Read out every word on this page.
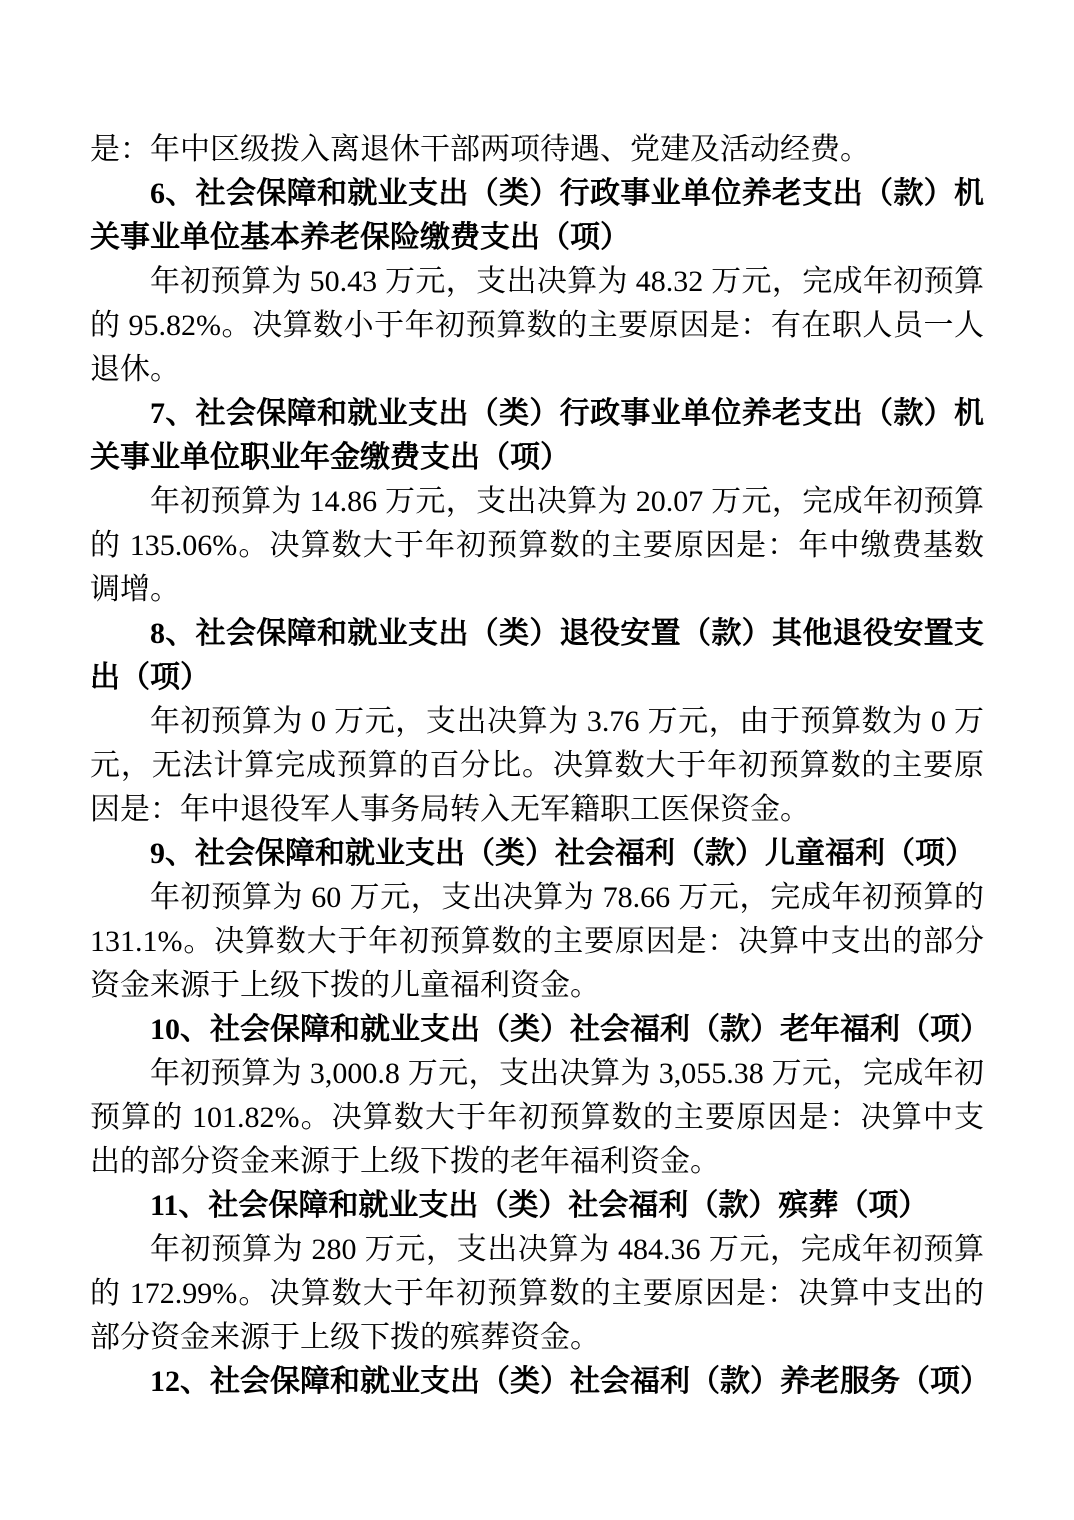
是：年中区级拨入离退休干部两项待遇、党建及活动经费。

6、社会保障和就业支出（类）行政事业单位养老支出（款）机关事业单位基本养老保险缴费支出（项）

年初预算为 50.43 万元，支出决算为 48.32 万元，完成年初预算的 95.82%。决算数小于年初预算数的主要原因是：有在职人员一人退休。

7、社会保障和就业支出（类）行政事业单位养老支出（款）机关事业单位职业年金缴费支出（项）

年初预算为 14.86 万元，支出决算为 20.07 万元，完成年初预算的 135.06%。决算数大于年初预算数的主要原因是：年中缴费基数调增。

8、社会保障和就业支出（类）退役安置（款）其他退役安置支出（项）

年初预算为 0 万元，支出决算为 3.76 万元，由于预算数为 0 万元，无法计算完成预算的百分比。决算数大于年初预算数的主要原因是：年中退役军人事务局转入无军籍职工医保资金。

9、社会保障和就业支出（类）社会福利（款）儿童福利（项）

年初预算为 60 万元，支出决算为 78.66 万元，完成年初预算的 131.1%。决算数大于年初预算数的主要原因是：决算中支出的部分资金来源于上级下拨的儿童福利资金。

10、社会保障和就业支出（类）社会福利（款）老年福利（项）

年初预算为 3,000.8 万元，支出决算为 3,055.38 万元，完成年初预算的 101.82%。决算数大于年初预算数的主要原因是：决算中支出的部分资金来源于上级下拨的老年福利资金。

11、社会保障和就业支出（类）社会福利（款）殡葬（项）

年初预算为 280 万元，支出决算为 484.36 万元，完成年初预算的 172.99%。决算数大于年初预算数的主要原因是：决算中支出的部分资金来源于上级下拨的殡葬资金。

12、社会保障和就业支出（类）社会福利（款）养老服务（项）
